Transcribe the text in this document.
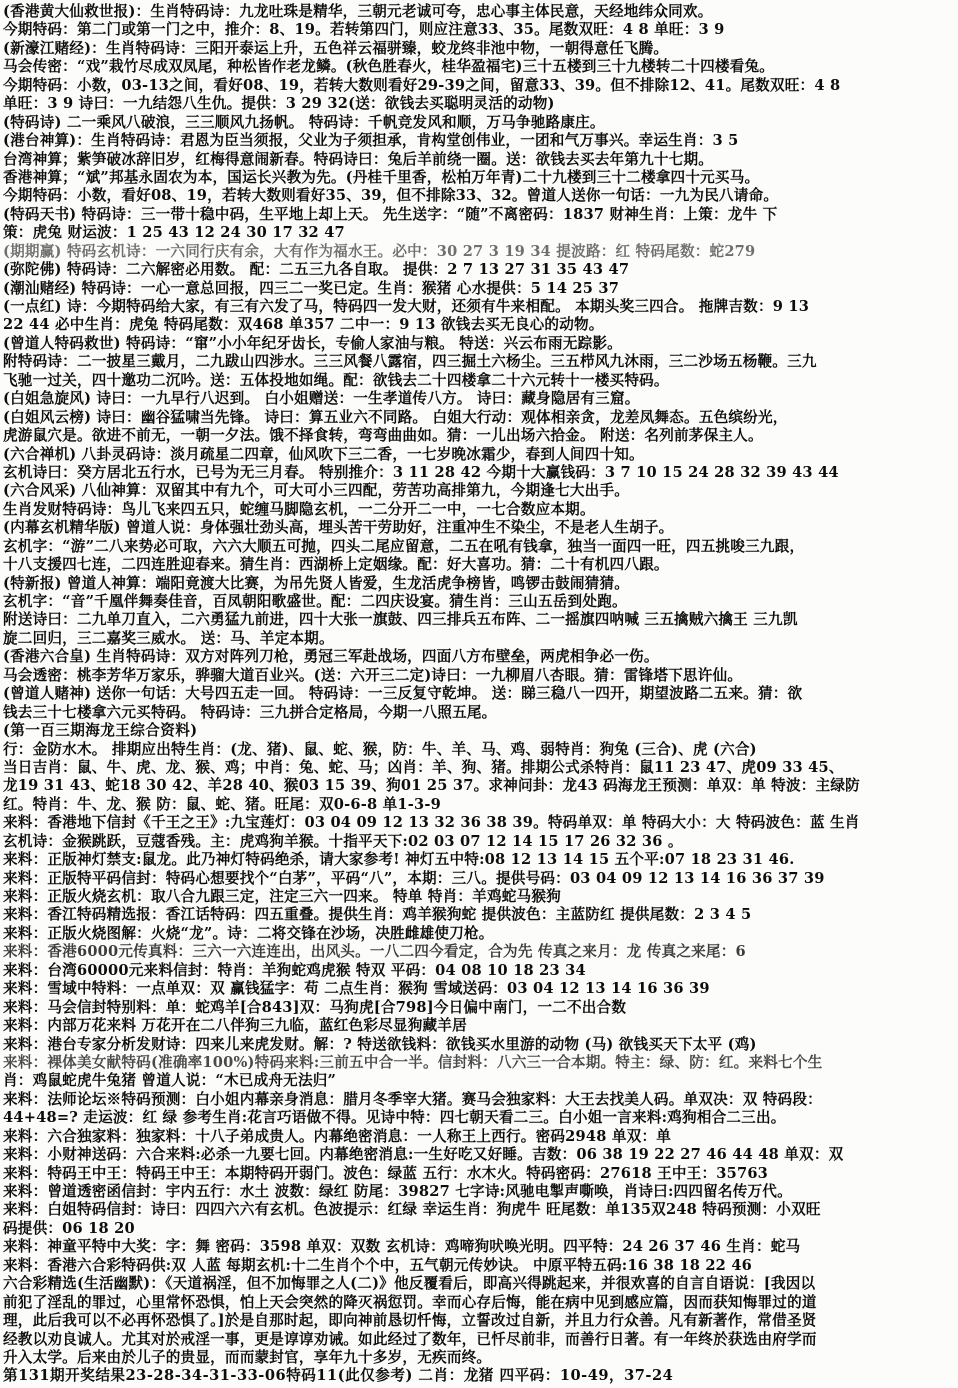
(香港黄大仙救世报)：生肖特码诗：九龙吐珠是精华，三朝元老诚可夸，忠心事主体民意，天经地纬众同欢。
今期特码：第二门或第一门之中，推介：8、19。若转第四门，则应注意33、35。尾数双旺：4 8 单旺：3 9
(新濠江赌经)：生肖特码诗：三阳开泰运上升，五色祥云福骈臻，蛟龙终非池中物，一朝得意任飞腾。
马会传密：“戏”栽竹尽成双凤尾，种松皆作老龙鳞。(秋色胜春火，桂华盈福宅)三十五楼到三十九楼转二十四楼看兔。
今期特码：小数，03-13之间，看好08、19，若转大数则看好29-39之间，留意33、39。但不排除12、41。尾数双旺：4 8
单旺：3 9 诗曰：一九结怨八生仇。提供：3 29 32(送：欲钱去买聪明灵活的动物)
(特码诗) 二一乘风八破浪，三三顺风九扬帆。 特码诗：千帆竞发风和顺，万马争驰路康庄。
(港台神算)：生肖特码诗：君恩为臣当须报，父业为子须担承，肯构堂创伟业，一团和气万事兴。幸运生肖：3 5
台湾神算；紫笋破冰辞旧岁，红梅得意闹新春。特码诗曰：兔后羊前绕一圈。送：欲钱去买去年第九十七期。
香港神算；“斌”邦基永固农为本，国运长兴教为先。(丹桂千里香，松柏万年青)二十九楼到三十二楼拿四十元买马。
今期特码：小数，看好08、19，若转大数则看好35、39，但不排除33、32。曾道人送你一句话：一九为民八请命。
(特码天书) 特码诗：三一带十稳中码，生平地上却上天。 先生送字：“随”不离密码：1837 财神生肖：上策：龙牛 下
策：虎兔 财运波：1 25 43 12 24 30 17 32 47
(期期赢) 特码玄机诗：一六同行庆有余，大有作为福水王。必中：30 27 3 19 34 提波路：红 特码尾数：蛇279
(弥陀佛) 特码诗：二六解密必用数。 配：二五三九各自取。 提供：2 7 13 27 31 35 43 47
(潮汕赌经) 特码诗：一心一意总回报，四三二一奖已定。生肖：猴猪 心水提供：5 14 25 37
(一点红) 诗：今期特码给大家，有三有六发了马，特码四一发大财，还须有牛来相配。 本期头奖三四合。 拖牌吉数：9 13
22 44 必中生肖：虎兔 特码尾数：双468 单357 二中一：9 13 欲钱去买无良心的动物。
(曾道人特码救世) 特码诗：“窜”小小年纪牙齿长，专偷人家油与粮。 特送：兴云布雨无踪影。
附特码诗：二一披星三戴月，二九跋山四涉水。三三风餐八露宿，四三掘土六杨尘。三五栉风九沐雨，三二沙场五杨鞭。三九
飞驰一过关，四十邀功二沉吟。送：五体投地如绳。配：欲钱去二十四楼拿二十六元转十一楼买特码。
(白姐急旋风) 诗曰：一九早行八迟到。 白小姐赠送：一生孝道传八方。 诗曰：藏身隐居有三窟。
(白姐风云榜) 诗曰：幽谷猛啸当先锋。 诗曰：算五业六不同路。 白姐大行动：观体相亲贪，龙差凤舞态。五色缤纷光，
虎游鼠穴是。欲进不前无，一朝一夕法。饿不择食转，弯弯曲曲如。猜：一儿出场六拾金。 附送：名列前茅保主人。
(六合禅机) 八卦灵码诗：淡月疏星二四章，仙风吹下三二香，一七岁晚冰霜少，春到人间四十知。
玄机诗曰：癸方居北五行水，已号为无三月春。 特别推介：3 11 28 42 今期十大赢钱码：3 7 10 15 24 28 32 39 43 44
(六合风采) 八仙神算：双留其中有九个，可大可小三四配，劳苦功高排第九，今期逢七大出手。
生肖发财特码诗：鸟儿飞来四五只，蛇缠马脚隐玄机，一二分开二一中，一七合数应本期。
(内幕玄机精华版) 曾道人说：身体强壮劲头高，埋头苦干劳助好，注重冲生不染尘，不是老人生胡子。
玄机字：“游”二八来势必可取，六六大顺五可抛，四头二尾应留意，二五在吼有钱拿，独当一面四一旺，四五挑唆三九跟，
十八支援四七连，二四连胜迎春来。猜生肖：西湖桥上定姻缘。配：好大喜功。猜：二十有机四八跟。
(特新报) 曾道人神算：端阳竟渡大比赛，为吊先贤人皆爱，生龙活虎争榜皆，鸣锣击鼓闹猜猜。
玄机字：“音”千凰伴舞奏佳音，百凤朝阳歌盛世。配：二四庆设宴。猜生肖：三山五岳到处跑。
附送诗曰：二九单刀直入，二六勇猛九前进，四十大张一旗鼓、四三排兵五布阵、二一摇旗四呐喊 三五擒贼六擒王 三九凯
旋二回归，三二嘉奖三威水。 送：马、羊定本期。
(香港六合皇) 生肖特码诗：双方对阵列刀枪，勇冠三军赴战场，四面八方布壁垒，两虎相争必一伤。
马会透密：桃李芳华万家乐，骅骝大道百业兴。(送：六开三二定)诗曰：一九柳眉八杏眼。猜：雷锋塔下思许仙。
(曾道人赌神) 送你一句话：大号四五走一回。 特码诗：一三反复守乾坤。 送：睇三稳八一四开，期望波路二五来。猜：欲
钱去三十七楼拿六元买特码。 特码诗：三九拼合定格局，今期一八照五尾。
(第一百三期海龙王综合资料)
行：金防水木。 排期应出特生肖：(龙、猪)、鼠、蛇、猴，防：牛、羊、马、鸡、弱特肖：狗兔 (三合)、虎 (六合)
当日吉肖：鼠、牛、虎、龙、猴、鸡；中肖：兔、蛇、马；凶肖：羊、狗、猪。排期公式杀特肖：鼠11 23 47、虎09 33 45、
龙19 31 43、蛇18 30 42、羊28 40、猴03 15 39、狗01 25 37。求神问卦：龙43 码海龙王预测：单双：单 特波：主绿防
红。特肖：牛、龙、猴 防：鼠、蛇、猪。旺尾：双0-6-8 单1-3-9
来料：香港地下信封《千王之王》:九宝莲灯：03 04 09 12 13 32 36 38 39。特码单双：单 特码大小：大 特码波色：蓝 生肖
玄机诗：金猴跳跃，豆蔻香残。主：虎鸡狗羊猴。十指平天下:02 03 07 12 14 15 17 26 32 36 。
来料：正版神灯禁支:鼠龙。此乃神灯特码绝杀，请大家参考! 神灯五中特:08 12 13 14 15 五个平:07 18 23 31 46.
来料：正版特平码信封：特码心想要找个“白茅”，平码“八”，本期：三八。提供号码：03 04 09 12 13 14 16 36 37 39
来料：正版火烧玄机：取八合九跟三定，注定三六一四来。 特单 特肖：羊鸡蛇马猴狗
来料：香江特码精选报：香江话特码：四五重叠。提供生肖：鸡羊猴狗蛇 提供波色：主蓝防红 提供尾数：2 3 4 5
来料：正版火烧图解：火烧“龙”。诗：二将交锋在沙场，决胜雌雄使刀枪。
来料：香港6000元传真料：三六一六连连出，出风头。一八二四今看定，合为先 传真之来月：龙 传真之来尾：6
来料：台湾60000元来料信封：特肖：羊狗蛇鸡虎猴 特双 平码：04 08 10 18 23 34
来料：雪域中特料：一点单双：双 赢钱猛字：苟 二点生肖：猴狗 雪域送码：03 04 12 13 14 16 36 39
来料：马会信封特别料：单：蛇鸡羊[合843]双：马狗虎[合798]今日偏中南门，一二不出合数
来料：内部万花来料 万花开在二八伴狗三九临，蓝红色彩尽显狗藏羊居
来料：港台专家分析发财诗：四来儿来虎发财。解：? 特送欲钱料：欲钱买水里游的动物 (马) 欲钱买天下太平 (鸡)
来料：裸体美女献特码(准确率100%)特码来料:三前五中合一半。信封料：八六三一合本期。特主：绿、防：红。来料七个生
肖：鸡鼠蛇虎牛兔猪 曾道人说：“木已成舟无法归”
来料：法师论坛※特码预测：白小姐内幕亲身消息：腊月冬季宰大猪。赛马会独家料：大王去找美人码。单双决：双 特码段：
44+48=? 走运波：红 绿 参考生肖:花言巧语做不得。见诗中特：四七朝天看二三。白小姐一言来料:鸡狗相合二三出。
来料：六合独家料：独家料：十八子弟成贵人。内幕绝密消息：一人称王上西行。密码2948 单双：单
来料：小财神送码：六合来料:必杀一九要七回。内幕绝密消息:一生好吃又好睡。吉数：06 38 19 22 27 46 44 48 单双：双
来料：特码王中王：特码王中王：本期特码开弱门。波色：绿蓝 五行：水木火。特码密码：27618 王中王：35763
来料：曾道透密函信封：宇内五行：水土 波数：绿红 防尾：39827 七字诗:风驰电掣声嘶唤，肖诗曰:四四留名传万代。
来料：白姐特码信封：诗曰：四四六六有玄机。色波提示：红绿 幸运生肖：狗虎牛 旺尾数：单135双248 特码预测：小双旺
码提供：06 18 20
来料：神童平特中大奖：字：舞 密码：3598 单双：双数 玄机诗：鸡啼狗吠唤光明。四平特：24 26 37 46 生肖：蛇马
来料：香港六合彩特码供:双 人蓝 每期玄机:十二生肖个个中，五气朝元传妙诀。 中原平特五码:16 38 18 22 46
六合彩精选(生活幽默)：《天道祸淫，但不加悔罪之人(二)》他反覆看后，即高兴得跳起来，并很欢喜的自言自语说：[我因以
前犯了淫乱的罪过，心里常怀恐惧，怕上天会突然的降灭祸愆罚。幸而心存后悔，能在病中见到感应篇，因而获知悔罪过的道
理，此后我可以不必再怀恐惧了。]於是自那时起，即向神前恳切忏悔，立誓改过自新，并且力行众善。凡有新著作，常借圣贤
经教以劝良诚人。尤其对於戒淫一事，更是谆谆劝诫。如此经过了数年，已忏尽前非，而善行日著。有一年终於获选由府学而
升入太学。后来由於儿子的贵显，而而蒙封官，享年九十多岁，无疾而终。
第131期开奖结果23-28-34-31-33-06特码11(此仅参考) 二肖：龙猪 四平码：10-49，37-24
